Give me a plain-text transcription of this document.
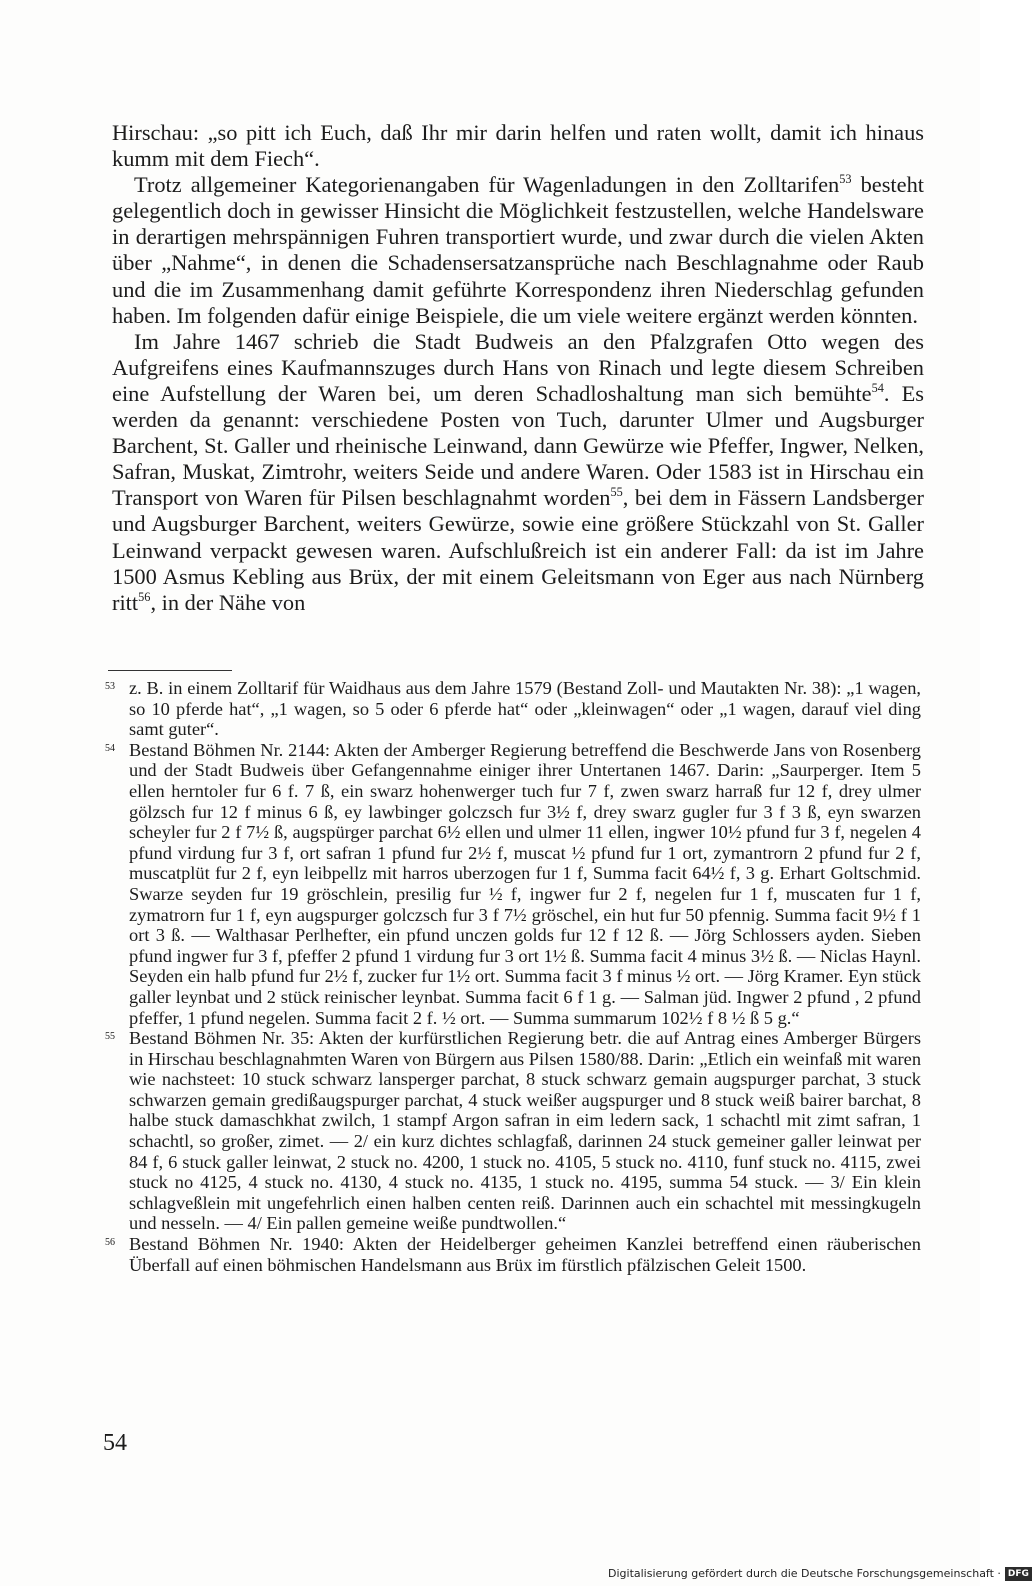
Hirschau: „so pitt ich Euch, daß Ihr mir darin helfen und raten wollt, damit ich hinaus kumm mit dem Fiech“.

Trotz allgemeiner Kategorienangaben für Wagenladungen in den Zolltarifen$^{53}$ besteht gelegentlich doch in gewisser Hinsicht die Möglichkeit festzustellen, welche Handelsware in derartigen mehrspännigen Fuhren transportiert wurde, und zwar durch die vielen Akten über „Nahme“, in denen die Schadensersatzansprüche nach Beschlagnahme oder Raub und die im Zusammenhang damit geführte Korrespondenz ihren Niederschlag gefunden haben. Im folgenden dafür einige Beispiele, die um viele weitere ergänzt werden könnten.

Im Jahre 1467 schrieb die Stadt Budweis an den Pfalzgrafen Otto wegen des Aufgreifens eines Kaufmannszuges durch Hans von Rinach und legte diesem Schreiben eine Aufstellung der Waren bei, um deren Schadloshaltung man sich bemühte$^{54}$. Es werden da genannt: verschiedene Posten von Tuch, darunter Ulmer und Augsburger Barchent, St. Galler und rheinische Leinwand, dann Gewürze wie Pfeffer, Ingwer, Nelken, Safran, Muskat, Zimtrohr, weiters Seide und andere Waren. Oder 1583 ist in Hirschau ein Transport von Waren für Pilsen beschlagnahmt worden$^{55}$, bei dem in Fässern Landsberger und Augsburger Barchent, weiters Gewürze, sowie eine größere Stückzahl von St. Galler Leinwand verpackt gewesen waren. Aufschlußreich ist ein anderer Fall: da ist im Jahre 1500 Asmus Kebling aus Brüx, der mit einem Geleitsmann von Eger aus nach Nürnberg ritt$^{56}$, in der Nähe von

53 z. B. in einem Zolltarif für Waidhaus aus dem Jahre 1579 (Bestand Zoll- und Mautakten Nr. 38): „1 wagen, so 10 pferde hat“, „1 wagen, so 5 oder 6 pferde hat“ oder „kleinwagen“ oder „1 wagen, darauf viel ding samt guter“.
54 Bestand Böhmen Nr. 2144: Akten der Amberger Regierung betreffend die Beschwerde Jans von Rosenberg und der Stadt Budweis über Gefangennahme einiger ihrer Untertanen 1467. Darin: „Saurperger. Item 5 ellen herntoler fur 6 f. 7 ß, ein swarz hohenwerger tuch fur 7 f, zwen swarz harraß fur 12 f, drey ulmer gölzsch fur 12 f minus 6 ß, ey lawbinger golczsch fur 3½ f, drey swarz gugler fur 3 f 3 ß, eyn swarzen scheyler fur 2 f 7½ ß, augspürger parchat 6½ ellen und ulmer 11 ellen, ingwer 10½ pfund fur 3 f, negelen 4 pfund virdung fur 3 f, ort safran 1 pfund fur 2½ f, muscat ½ pfund fur 1 ort, zymantrorn 2 pfund fur 2 f, muscatplüt fur 2 f, eyn leibpellz mit harros uberzogen fur 1 f, Summa facit 64½ f, 3 g. Erhart Goltschmid. Swarze seyden fur 19 gröschlein, presilig fur ½ f, ingwer fur 2 f, negelen fur 1 f, muscaten fur 1 f, zymatrorn fur 1 f, eyn augspurger golczsch fur 3 f 7½ gröschel, ein hut fur 50 pfennig. Summa facit 9½ f 1 ort 3 ß. — Walthasar Perlhefter, ein pfund unczen golds fur 12 f 12 ß. — Jörg Schlossers ayden. Sieben pfund ingwer fur 3 f, pfeffer 2 pfund 1 virdung fur 3 ort 1½ ß. Summa facit 4 minus 3½ ß. — Niclas Haynl. Seyden ein halb pfund fur 2½ f, zucker fur 1½ ort. Summa facit 3 f minus ½ ort. — Jörg Kramer. Eyn stück galler leynbat und 2 stück reinischer leynbat. Summa facit 6 f 1 g. — Salman jüd. Ingwer 2 pfund , 2 pfund pfeffer, 1 pfund negelen. Summa facit 2 f. ½ ort. — Summa summarum 102½ f 8 ½ ß 5 g.“
55 Bestand Böhmen Nr. 35: Akten der kurfürstlichen Regierung betr. die auf Antrag eines Amberger Bürgers in Hirschau beschlagnahmten Waren von Bürgern aus Pilsen 1580/88. Darin: „Etlich ein weinfaß mit waren wie nachsteet: 10 stuck schwarz lansperger parchat, 8 stuck schwarz gemain augspurger parchat, 3 stuck schwarzen gemain gredißaugspurger parchat, 4 stuck weißer augspurger und 8 stuck weiß bairer barchat, 8 halbe stuck damaschkhat zwilch, 1 stampf Argon safran in eim ledern sack, 1 schachtl mit zimt safran, 1 schachtl, so großer, zimet. — 2/ ein kurz dichtes schlagfaß, darinnen 24 stuck gemeiner galler leinwat per 84 f, 6 stuck galler leinwat, 2 stuck no. 4200, 1 stuck no. 4105, 5 stuck no. 4110, funf stuck no. 4115, zwei stuck no 4125, 4 stuck no. 4130, 4 stuck no. 4135, 1 stuck no. 4195, summa 54 stuck. — 3/ Ein klein schlagveßlein mit ungefehrlich einen halben centen reiß. Darinnen auch ein schachtel mit messingkugeln und nesseln. — 4/ Ein pallen gemeine weiße pundtwollen.“
56 Bestand Böhmen Nr. 1940: Akten der Heidelberger geheimen Kanzlei betreffend einen räuberischen Überfall auf einen böhmischen Handelsmann aus Brüx im fürstlich pfälzischen Geleit 1500.
54
Digitalisierung gefördert durch die Deutsche Forschungsgemeinschaft · DFG
